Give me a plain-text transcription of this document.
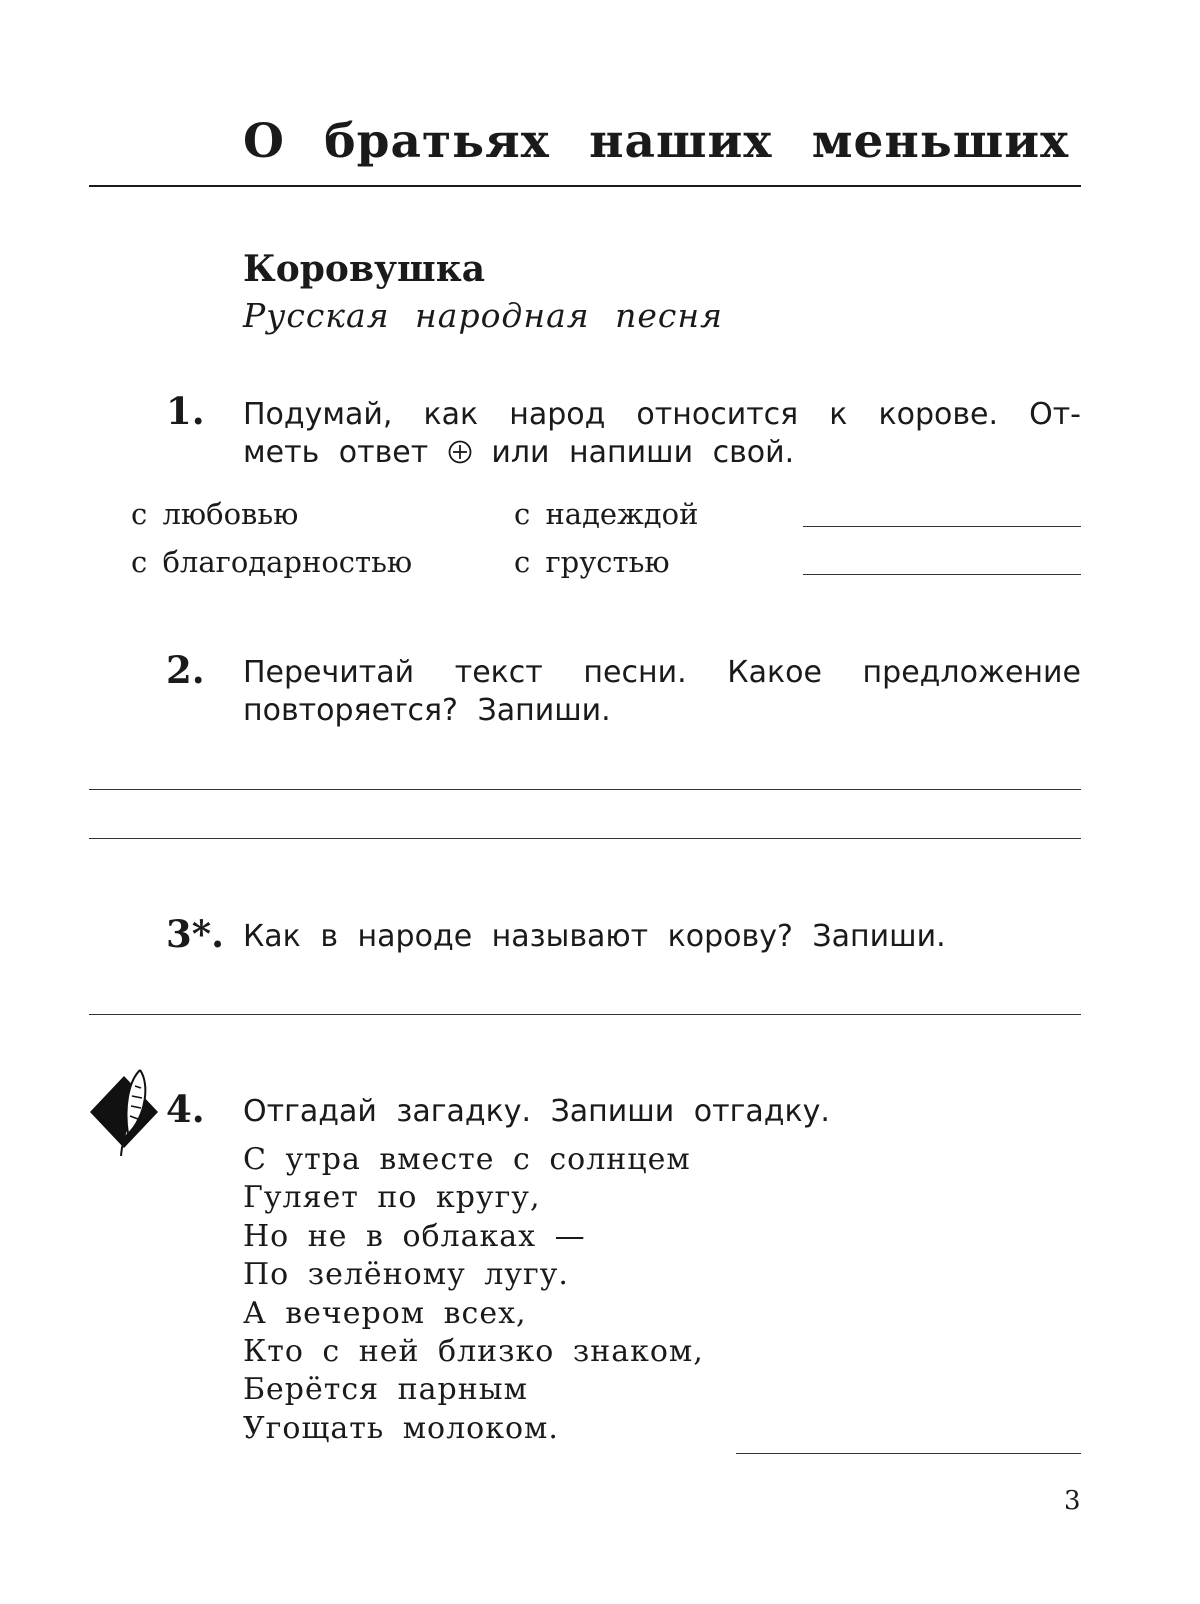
О братьях наших меньших
Коровушка
Русская народная песня
1. Подумай, как народ относится к корове. От-
меть ответ или напиши свой.
с любовью	с надеждой
с благодарностью	с грустью
2. Перечитай текст песни. Какое предложение
повторяется? Запиши.
3*. Как в народе называют корову? Запиши.
4. Отгадай загадку. Запиши отгадку.
С утра вместе с солнцем
Гуляет по кругу,
Но не в облаках —
По зелёному лугу.
А вечером всех,
Кто с ней близко знаком,
Берётся парным
Угощать молоком.
3
